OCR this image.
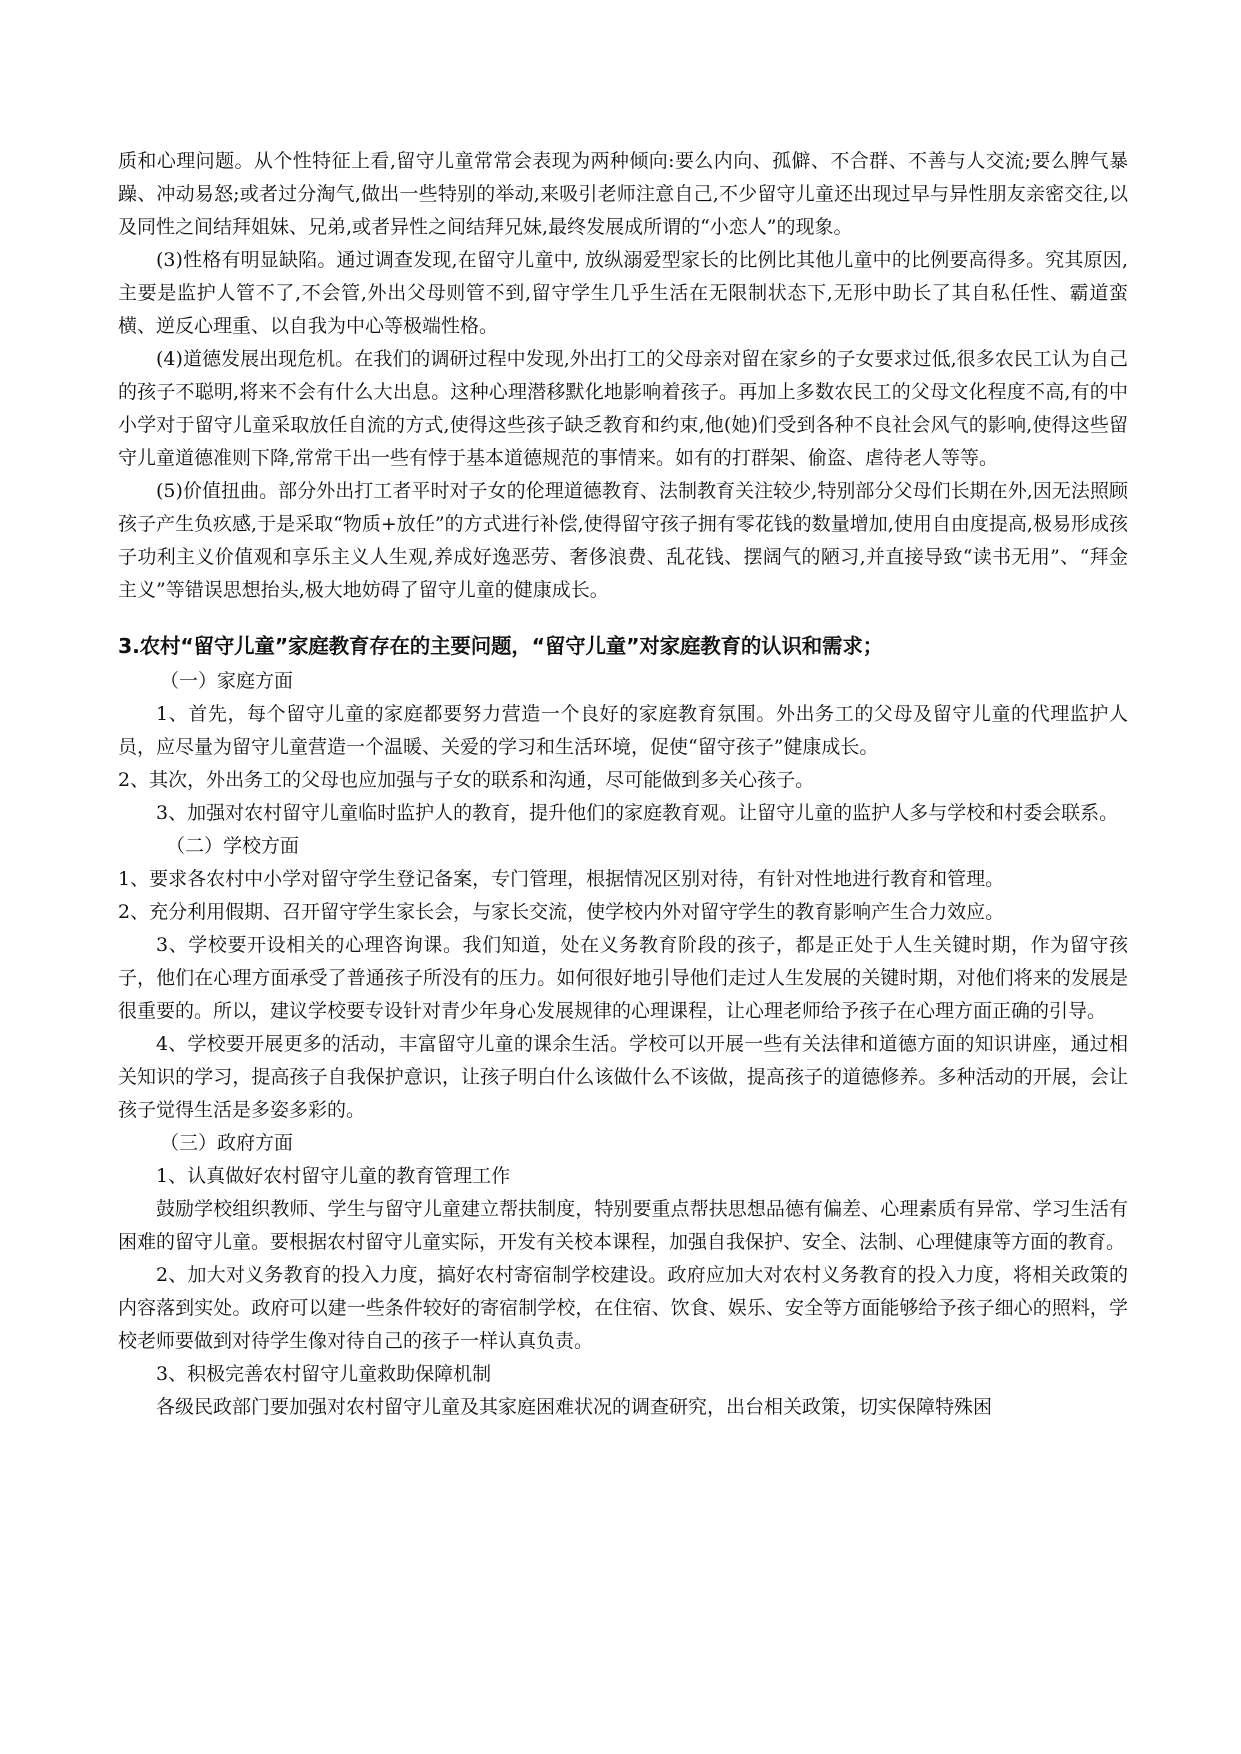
质和心理问题。从个性特征上看,留守儿童常常会表现为两种倾向:要么内向、孤僻、不合群、不善与人交流;要么脾气暴躁、冲动易怒;或者过分淘气,做出一些特别的举动,来吸引老师注意自己,不少留守儿童还出现过早与异性朋友亲密交往,以及同性之间结拜姐妹、兄弟,或者异性之间结拜兄妹,最终发展成所谓的“小恋人”的现象。

(3)性格有明显缺陷。通过调查发现,在留守儿童中, 放纵溺爱型家长的比例比其他儿童中的比例要高得多。究其原因,主要是监护人管不了,不会管,外出父母则管不到,留守学生几乎生活在无限制状态下,无形中助长了其自私任性、霸道蛮横、逆反心理重、以自我为中心等极端性格。

(4)道德发展出现危机。在我们的调研过程中发现,外出打工的父母亲对留在家乡的子女要求过低,很多农民工认为自己的孩子不聪明,将来不会有什么大出息。这种心理潜移默化地影响着孩子。再加上多数农民工的父母文化程度不高,有的中小学对于留守儿童采取放任自流的方式,使得这些孩子缺乏教育和约束,他(她)们受到各种不良社会风气的影响,使得这些留守儿童道德准则下降,常常干出一些有悖于基本道德规范的事情来。如有的打群架、偷盗、虐待老人等等。

(5)价值扭曲。部分外出打工者平时对子女的伦理道德教育、法制教育关注较少,特别部分父母们长期在外,因无法照顾孩子产生负疚感,于是采取“物质+放任”的方式进行补偿,使得留守孩子拥有零花钱的数量增加,使用自由度提高,极易形成孩子功利主义价值观和享乐主义人生观,养成好逸恶劳、奢侈浪费、乱花钱、摆阔气的陋习,并直接导致“读书无用”、“拜金主义”等错误思想抬头,极大地妨碍了留守儿童的健康成长。

3.农村“留守儿童”家庭教育存在的主要问题，“留守儿童”对家庭教育的认识和需求；

（一）家庭方面

1、首先，每个留守儿童的家庭都要努力营造一个良好的家庭教育氛围。外出务工的父母及留守儿童的代理监护人员，应尽量为留守儿童营造一个温暖、关爱的学习和生活环境，促使“留守孩子”健康成长。

2、其次，外出务工的父母也应加强与子女的联系和沟通，尽可能做到多关心孩子。

3、加强对农村留守儿童临时监护人的教育，提升他们的家庭教育观。让留守儿童的监护人多与学校和村委会联系。

（二）学校方面

1、要求各农村中小学对留守学生登记备案，专门管理，根据情况区别对待，有针对性地进行教育和管理。

2、充分利用假期、召开留守学生家长会，与家长交流，使学校内外对留守学生的教育影响产生合力效应。

3、学校要开设相关的心理咨询课。我们知道，处在义务教育阶段的孩子，都是正处于人生关键时期，作为留守孩子，他们在心理方面承受了普通孩子所没有的压力。如何很好地引导他们走过人生发展的关键时期，对他们将来的发展是很重要的。所以，建议学校要专设针对青少年身心发展规律的心理课程，让心理老师给予孩子在心理方面正确的引导。

4、学校要开展更多的活动，丰富留守儿童的课余生活。学校可以开展一些有关法律和道德方面的知识讲座，通过相关知识的学习，提高孩子自我保护意识，让孩子明白什么该做什么不该做，提高孩子的道德修养。多种活动的开展，会让孩子觉得生活是多姿多彩的。

（三）政府方面

1、认真做好农村留守儿童的教育管理工作

鼓励学校组织教师、学生与留守儿童建立帮扶制度，特别要重点帮扶思想品德有偏差、心理素质有异常、学习生活有困难的留守儿童。要根据农村留守儿童实际，开发有关校本课程，加强自我保护、安全、法制、心理健康等方面的教育。

2、加大对义务教育的投入力度，搞好农村寄宿制学校建设。政府应加大对农村义务教育的投入力度，将相关政策的内容落到实处。政府可以建一些条件较好的寄宿制学校，在住宿、饮食、娱乐、安全等方面能够给予孩子细心的照料，学校老师要做到对待学生像对待自己的孩子一样认真负责。

3、积极完善农村留守儿童救助保障机制

各级民政部门要加强对农村留守儿童及其家庭困难状况的调查研究，出台相关政策，切实保障特殊困
